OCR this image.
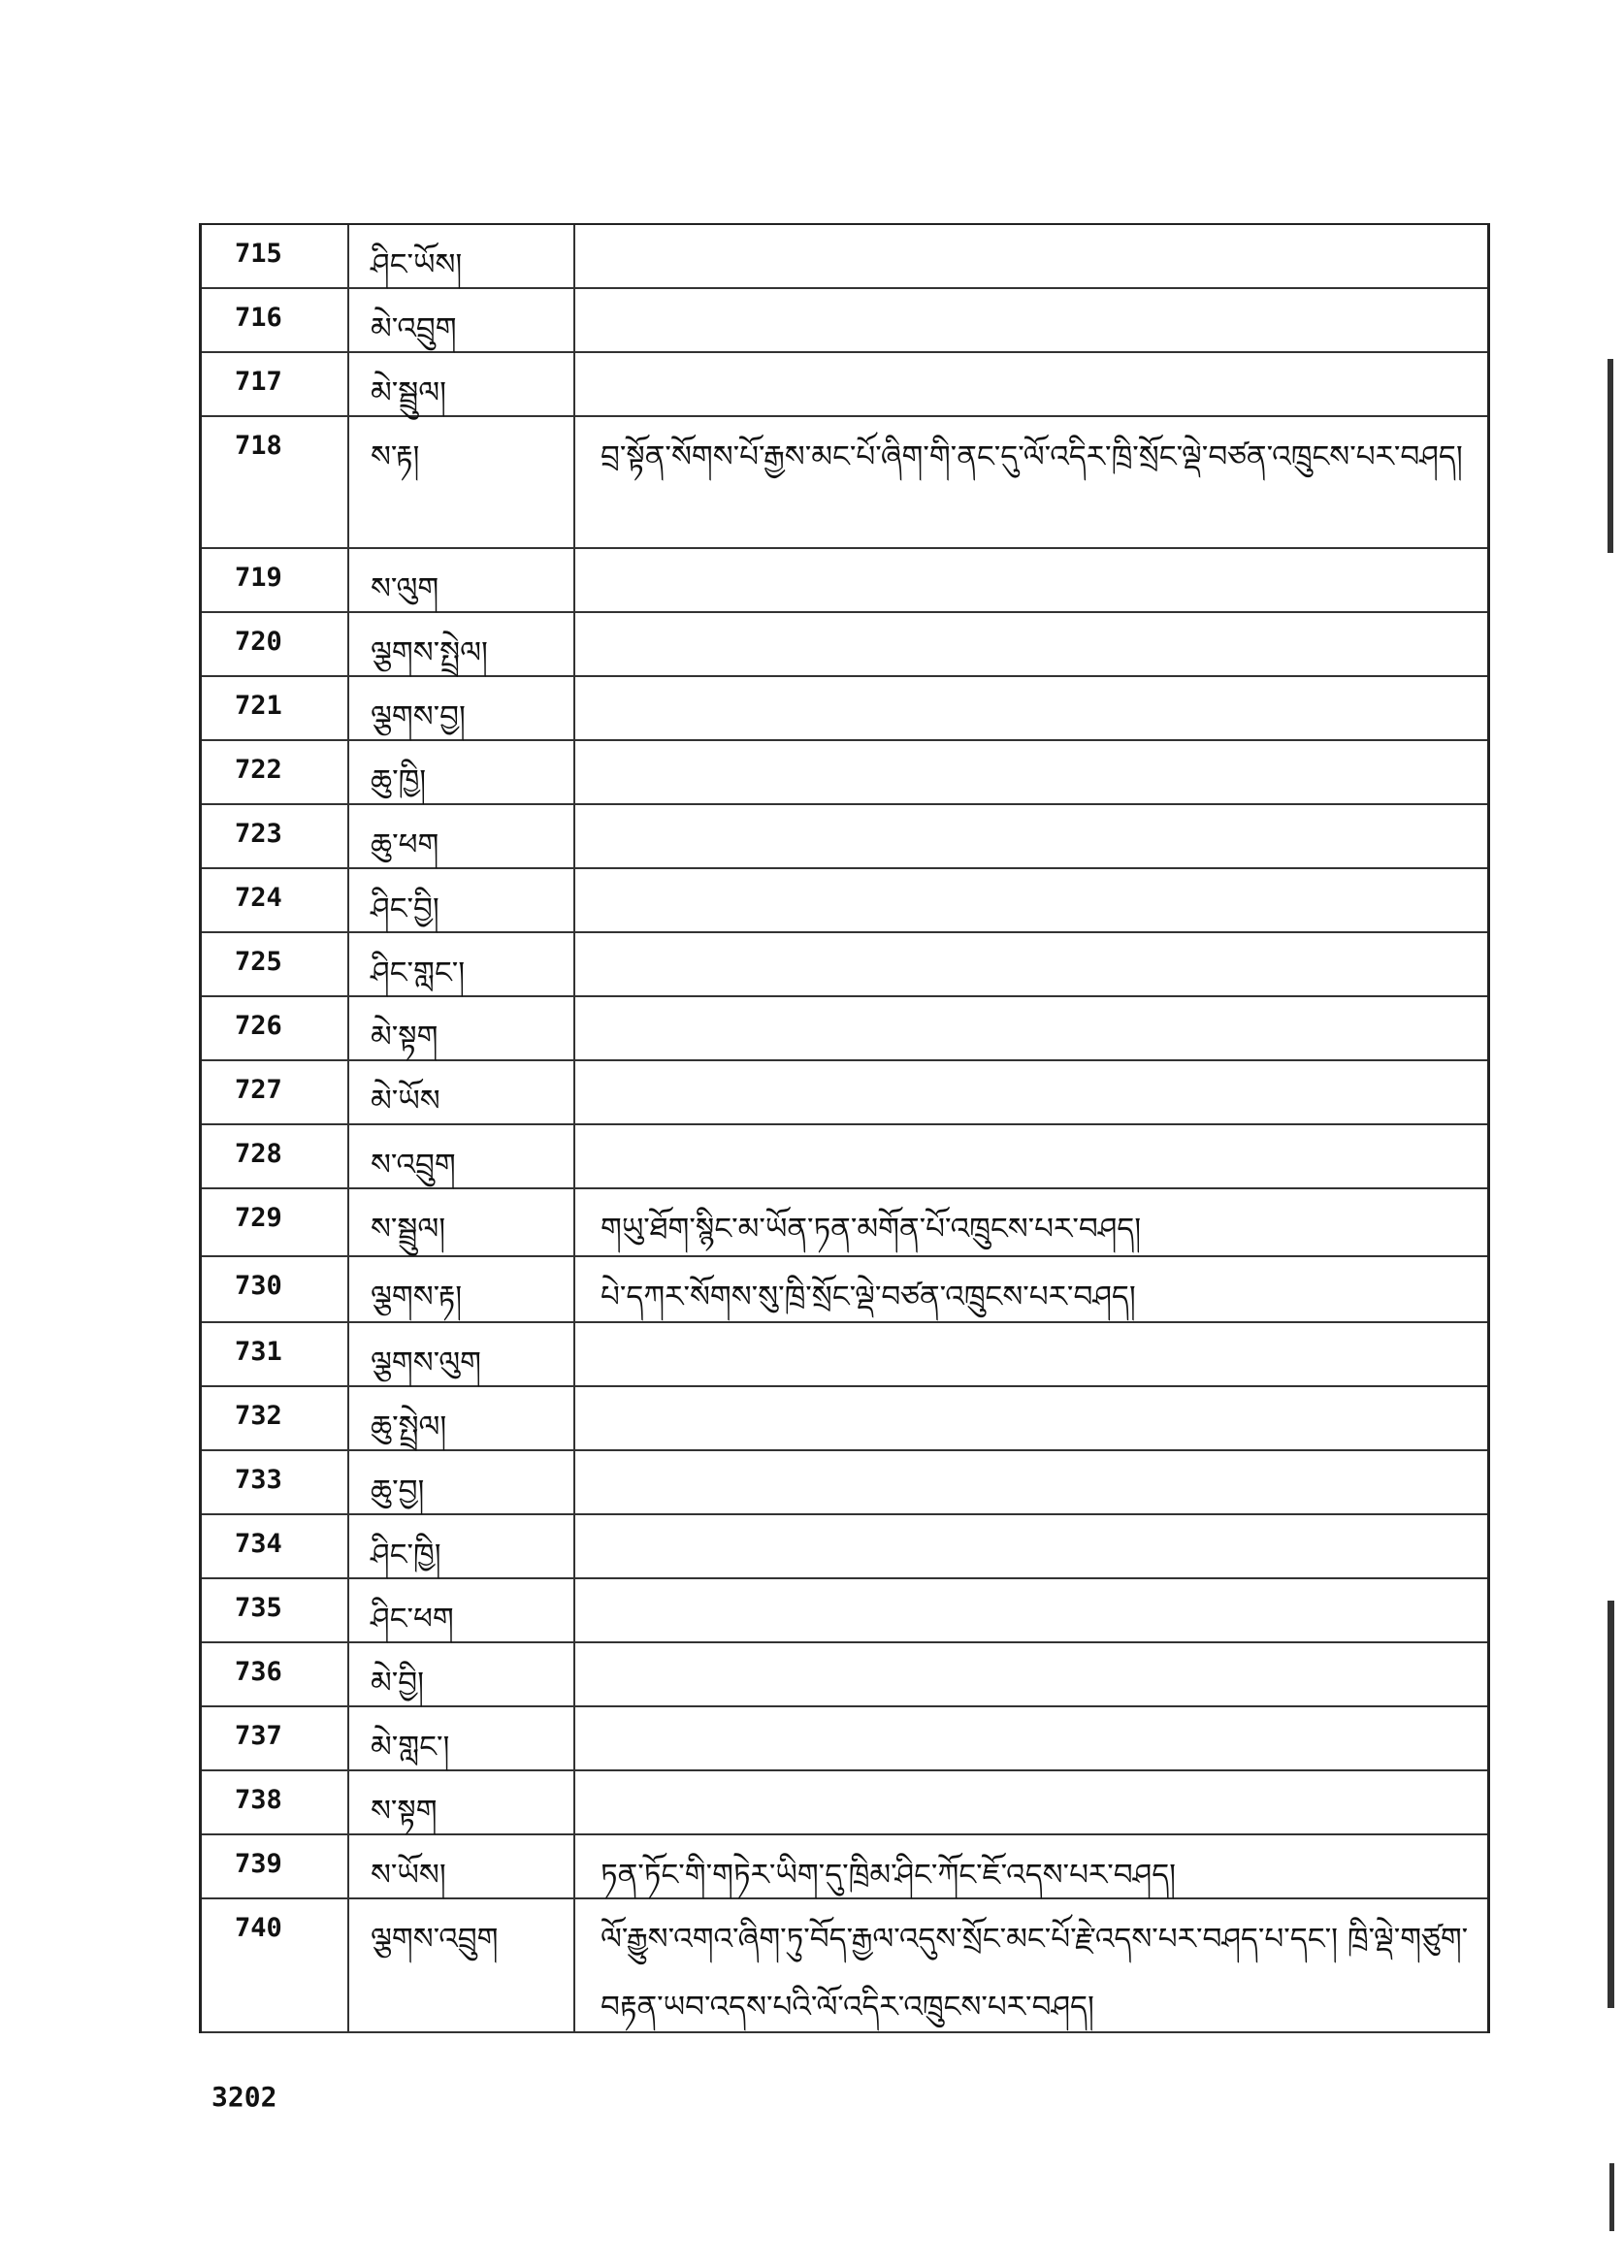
715	ཤིང་ཡོས།
716	མེ་འབྲུག
717	མེ་སྦྲུལ།
718	ས་རྟ།	བྲ་སྟོན་སོགས་པོ་རྒྱས་མང་པོ་ཞིག་གི་ནང་དུ་ལོ་འདིར་ཁྲི་སྲོང་ལྡེ་བཙན་འཁྲུངས་པར་བཤད།
719	ས་ལུག
720	ལྕགས་སྤྲེལ།
721	ལྕགས་བྱ།
722	ཆུ་ཁྱི།
723	ཆུ་ཕག
724	ཤིང་བྱི།
725	ཤིང་གླང་།
726	མེ་སྟག
727	མེ་ཡོས
728	ས་འབྲུག
729	ས་སྦྲུལ།	གཡུ་ཐོག་སྙིང་མ་ཡོན་ཏན་མགོན་པོ་འཁྲུངས་པར་བཤད།
730	ལྕགས་རྟ།	པེ་དཀར་སོགས་སུ་ཁྲི་སྲོང་ལྡེ་བཙན་འཁྲུངས་པར་བཤད།
731	ལྕགས་ལུག
732	ཆུ་སྤྲེལ།
733	ཆུ་བྱ།
734	ཤིང་ཁྱི།
735	ཤིང་ཕག
736	མེ་བྱི།
737	མེ་གླང་།
738	ས་སྟག
739	ས་ཡོས།	ཏན་ཏོང་གི་གཏེར་ཡིག་དུ་ཁྲིམ་ཤིང་ཀོང་ཇོ་འདས་པར་བཤད།
740	ལྕགས་འབྲུག	ལོ་རྒྱུས་འགའ་ཞིག་ཏུ་བོད་རྒྱལ་འདུས་སྲོང་མང་པོ་རྗེ་འདས་པར་བཤད་པ་དང་། ཁྲི་ལྡེ་གཙུག་བརྟན་ཡབ་འདས་པའི་ལོ་འདིར་འཁྲུངས་པར་བཤད།
3202
